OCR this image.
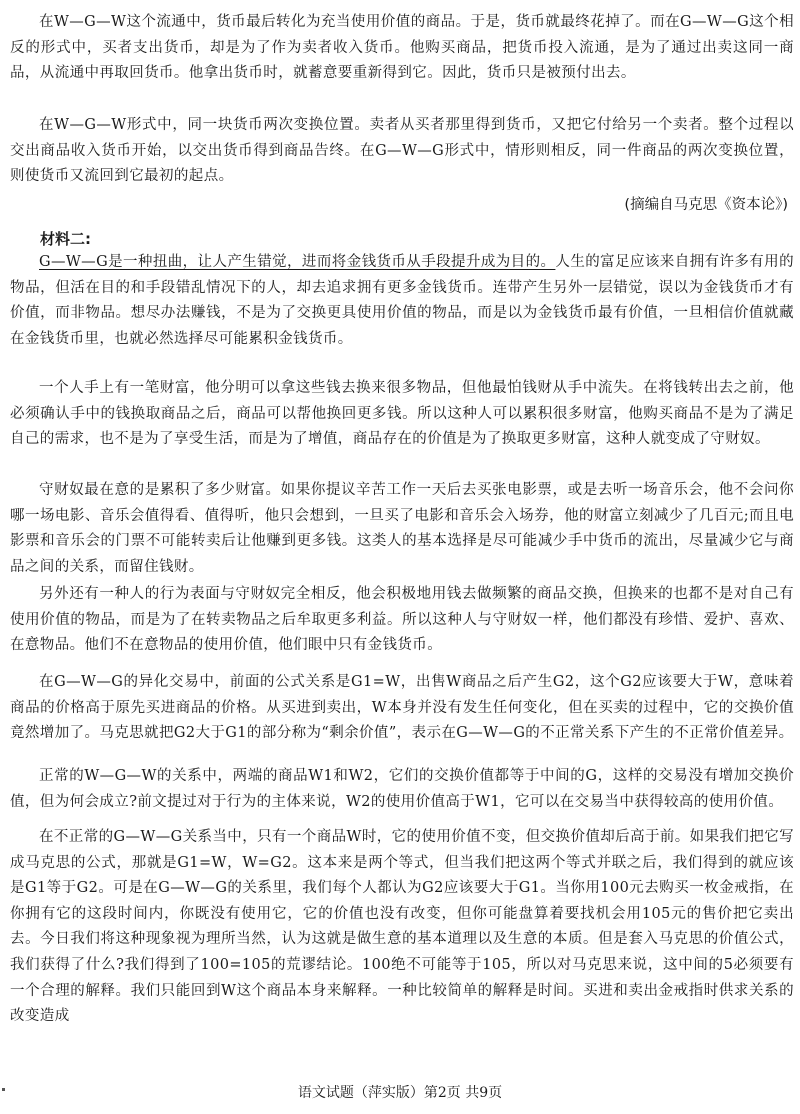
在W—G—W这个流通中，货币最后转化为充当使用价值的商品。于是，货币就最终花掉了。而在G—W—G这个相反的形式中，买者支出货币，却是为了作为卖者收入货币。他购买商品，把货币投入流通，是为了通过出卖这同一商品，从流通中再取回货币。他拿出货币时，就蓄意要重新得到它。因此，货币只是被预付出去。

在W—G—W形式中，同一块货币两次变换位置。卖者从买者那里得到货币，又把它付给另一个卖者。整个过程以交出商品收入货币开始，以交出货币得到商品告终。在G—W—G形式中，情形则相反，同一件商品的两次变换位置，则使货币又流回到它最初的起点。

(摘编自马克思《资本论》)

材料二:

G—W—G是一种扭曲，让人产生错觉，进而将金钱货币从手段提升成为目的。人生的富足应该来自拥有许多有用的物品，但活在目的和手段错乱情况下的人，却去追求拥有更多金钱货币。连带产生另外一层错觉，误以为金钱货币才有价值，而非物品。想尽办法赚钱，不是为了交换更具使用价值的物品，而是以为金钱货币最有价值，一旦相信价值就藏在金钱货币里，也就必然选择尽可能累积金钱货币。

一个人手上有一笔财富，他分明可以拿这些钱去换来很多物品，但他最怕钱财从手中流失。在将钱转出去之前，他必须确认手中的钱换取商品之后，商品可以帮他换回更多钱。所以这种人可以累积很多财富，他购买商品不是为了满足自己的需求，也不是为了享受生活，而是为了增值，商品存在的价值是为了换取更多财富，这种人就变成了守财奴。

守财奴最在意的是累积了多少财富。如果你提议辛苦工作一天后去买张电影票，或是去听一场音乐会，他不会问你哪一场电影、音乐会值得看、值得听，他只会想到，一旦买了电影和音乐会入场券，他的财富立刻减少了几百元;而且电影票和音乐会的门票不可能转卖后让他赚到更多钱。这类人的基本选择是尽可能减少手中货币的流出，尽量减少它与商品之间的关系，而留住钱财。

另外还有一种人的行为表面与守财奴完全相反，他会积极地用钱去做频繁的商品交换，但换来的也都不是对自己有使用价值的物品，而是为了在转卖物品之后牟取更多利益。所以这种人与守财奴一样，他们都没有珍惜、爱护、喜欢、在意物品。他们不在意物品的使用价值，他们眼中只有金钱货币。

在G—W—G的异化交易中，前面的公式关系是G1=W，出售W商品之后产生G2，这个G2应该要大于W，意味着商品的价格高于原先买进商品的价格。从买进到卖出，W本身并没有发生任何变化，但在买卖的过程中，它的交换价值竟然增加了。马克思就把G2大于G1的部分称为“剩余价值”，表示在G—W—G的不正常关系下产生的不正常价值差异。

正常的W—G—W的关系中，两端的商品W1和W2，它们的交换价值都等于中间的G，这样的交易没有增加交换价值，但为何会成立?前文提过对于行为的主体来说，W2的使用价值高于W1，它可以在交易当中获得较高的使用价值。

在不正常的G—W—G关系当中，只有一个商品W时，它的使用价值不变，但交换价值却后高于前。如果我们把它写成马克思的公式，那就是G1=W，W=G2。这本来是两个等式，但当我们把这两个等式并联之后，我们得到的就应该是G1等于G2。可是在G—W—G的关系里，我们每个人都认为G2应该要大于G1。当你用100元去购买一枚金戒指，在你拥有它的这段时间内，你既没有使用它，它的价值也没有改变，但你可能盘算着要找机会用105元的售价把它卖出去。今日我们将这种现象视为理所当然，认为这就是做生意的基本道理以及生意的本质。但是套入马克思的价值公式，我们获得了什么?我们得到了100=105的荒谬结论。100绝不可能等于105，所以对马克思来说，这中间的5必须要有一个合理的解释。我们只能回到W这个商品本身来解释。一种比较简单的解释是时间。买进和卖出金戒指时供求关系的改变造成

语文试题（萍实版）第2页 共9页
